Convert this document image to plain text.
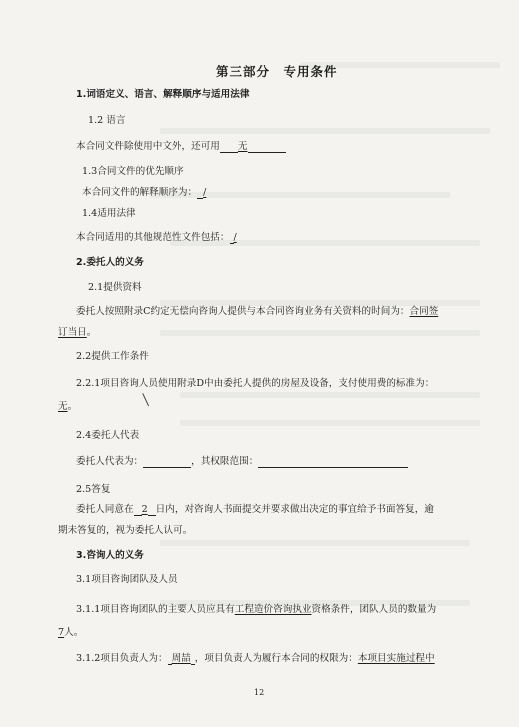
第三部分　专用条件
1.词语定义、语言、解释顺序与适用法律
1.2 语言
本合同文件除使用中文外，还可用 无
1.3合同文件的优先顺序
本合同文件的解释顺序为： /
1.4适用法律
本合同适用的其他规范性文件包括： /
2.委托人的义务
2.1提供资料
委托人按照附录C约定无偿向咨询人提供与本合同咨询业务有关资料的时间为：合同签
订当日。
2.2提供工作条件
2.2.1项目咨询人员使用附录D中由委托人提供的房屋及设备，支付使用费的标准为：
无。
2.4委托人代表
委托人代表为：	，其权限范围：
2.5答复
委托人同意在 2 日内，对咨询人书面提交并要求做出决定的事宜给予书面答复，逾
期未答复的，视为委托人认可。
3.咨询人的义务
3.1项目咨询团队及人员
3.1.1项目咨询团队的主要人员应具有工程造价咨询执业资格条件，团队人员的数量为
7人。
3.1.2项目负责人为： 周喆 ，项目负责人为履行本合同的权限为：本项目实施过程中
12
